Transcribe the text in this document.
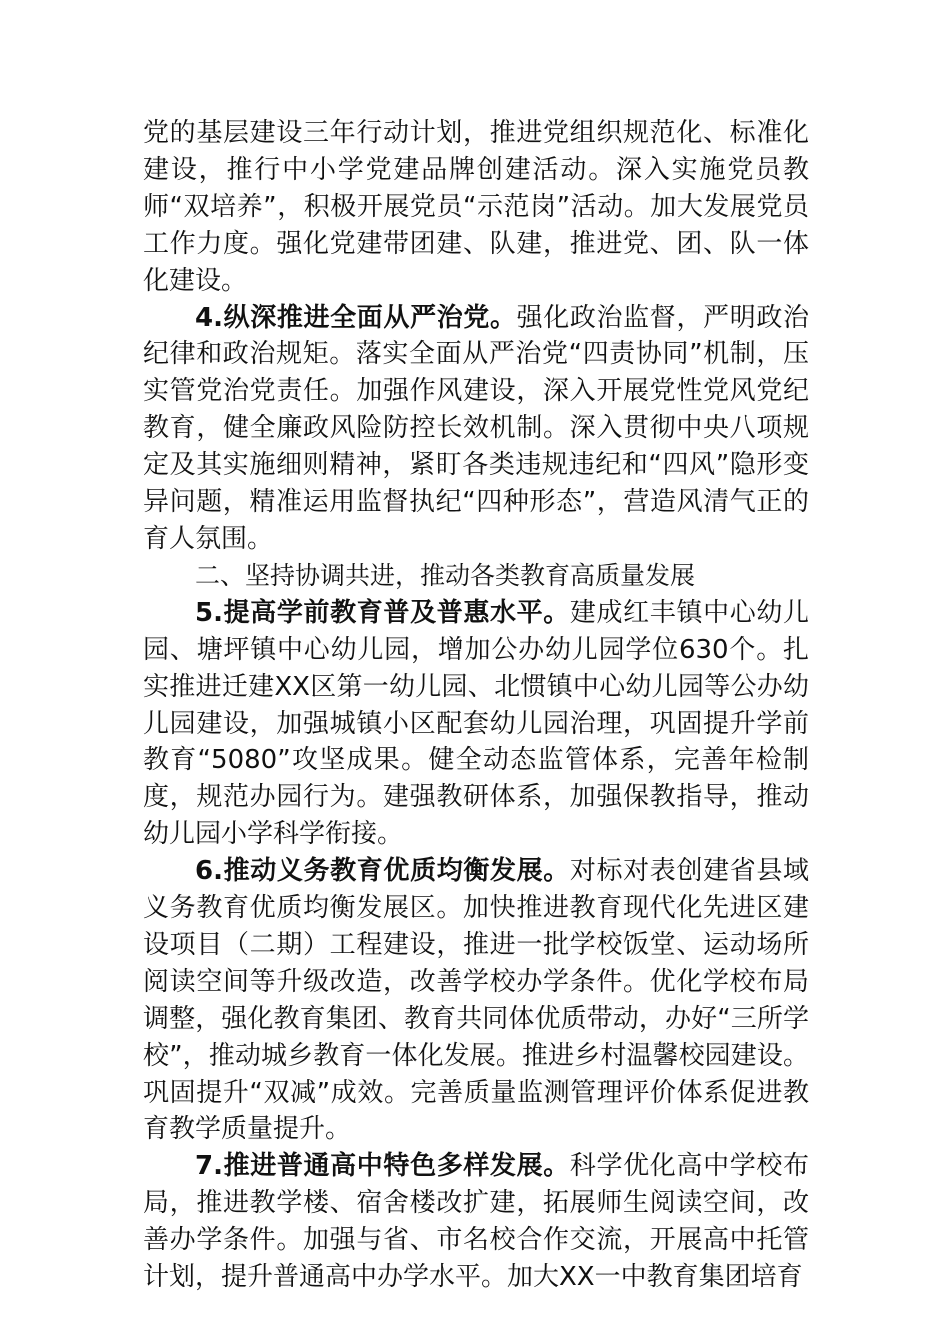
党的基层建设三年行动计划，推进党组织规范化、标准化建设，推行中小学党建品牌创建活动。深入实施党员教师“双培养”，积极开展党员“示范岗”活动。加大发展党员工作力度。强化党建带团建、队建，推进党、团、队一体化建设。

4.纵深推进全面从严治党。强化政治监督，严明政治纪律和政治规矩。落实全面从严治党“四责协同”机制，压实管党治党责任。加强作风建设，深入开展党性党风党纪教育，健全廉政风险防控长效机制。深入贯彻中央八项规定及其实施细则精神，紧盯各类违规违纪和“四风”隐形变异问题，精准运用监督执纪“四种形态”，营造风清气正的育人氛围。

二、坚持协调共进，推动各类教育高质量发展

5.提高学前教育普及普惠水平。建成红丰镇中心幼儿园、塘坪镇中心幼儿园，增加公办幼儿园学位630个。扎实推进迁建XX区第一幼儿园、北惯镇中心幼儿园等公办幼儿园建设，加强城镇小区配套幼儿园治理，巩固提升学前教育“5080”攻坚成果。健全动态监管体系，完善年检制度，规范办园行为。建强教研体系，加强保教指导，推动幼儿园小学科学衔接。

6.推动义务教育优质均衡发展。对标对表创建省县域义务教育优质均衡发展区。加快推进教育现代化先进区建设项目（二期）工程建设，推进一批学校饭堂、运动场所阅读空间等升级改造，改善学校办学条件。优化学校布局调整，强化教育集团、教育共同体优质带动，办好“三所学校”，推动城乡教育一体化发展。推进乡村温馨校园建设。巩固提升“双减”成效。完善质量监测管理评价体系促进教育教学质量提升。

7.推进普通高中特色多样发展。科学优化高中学校布局，推进教学楼、宿舍楼改扩建，拓展师生阅读空间，改善办学条件。加强与省、市名校合作交流，开展高中托管计划，提升普通高中办学水平。加大XX一中教育集团培育
